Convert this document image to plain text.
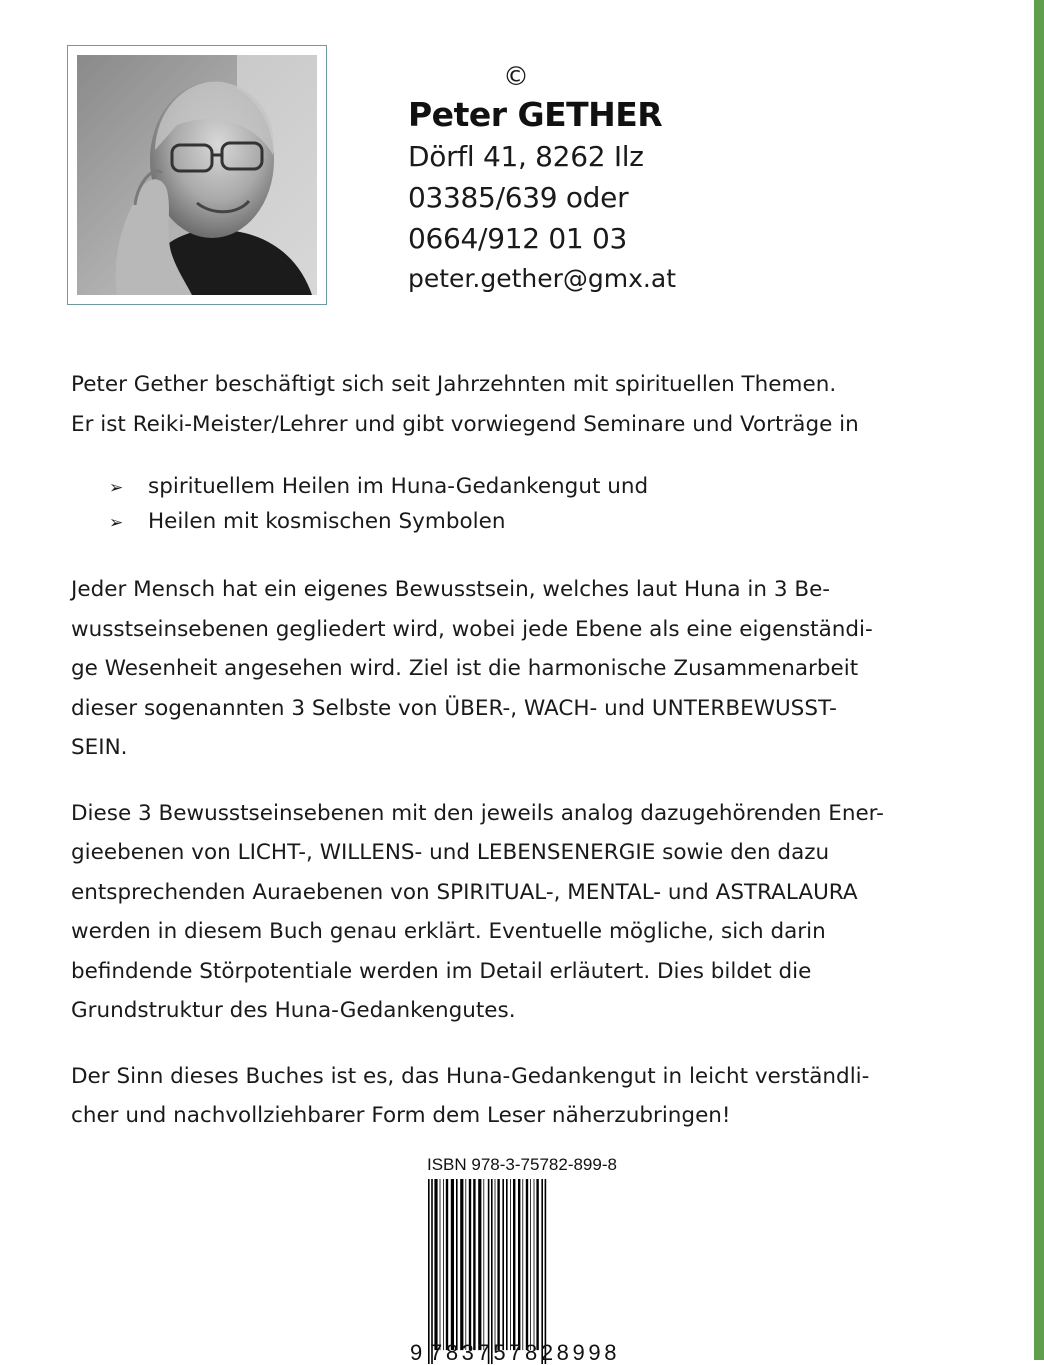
©
Peter GETHER
Dörfl 41, 8262 Ilz
03385/639 oder
0664/912 01 03
peter.gether@gmx.at

Peter Gether beschäftigt sich seit Jahrzehnten mit spirituellen Themen.
Er ist Reiki-Meister/Lehrer und gibt vorwiegend Seminare und Vorträge in

➢ spirituellem Heilen im Huna-Gedankengut und
➢ Heilen mit kosmischen Symbolen

Jeder Mensch hat ein eigenes Bewusstsein, welches laut Huna in 3 Be-
wusstseinsebenen gegliedert wird, wobei jede Ebene als eine eigenständi-
ge Wesenheit angesehen wird. Ziel ist die harmonische Zusammenarbeit
dieser sogenannten 3 Selbste von ÜBER-, WACH- und UNTERBEWUSST-
SEIN.

Diese 3 Bewusstseinsebenen mit den jeweils analog dazugehörenden Ener-
gieebenen von LICHT-, WILLENS- und LEBENSENERGIE sowie den dazu
entsprechenden Auraebenen von SPIRITUAL-, MENTAL- und ASTRALAURA
werden in diesem Buch genau erklärt. Eventuelle mögliche, sich darin
befindende Störpotentiale werden im Detail erläutert. Dies bildet die
Grundstruktur des Huna-Gedankengutes.

Der Sinn dieses Buches ist es, das Huna-Gedankengut in leicht verständli-
cher und nachvollziehbarer Form dem Leser näherzubringen!

ISBN 978-3-75782-899-8
9 783757828998
